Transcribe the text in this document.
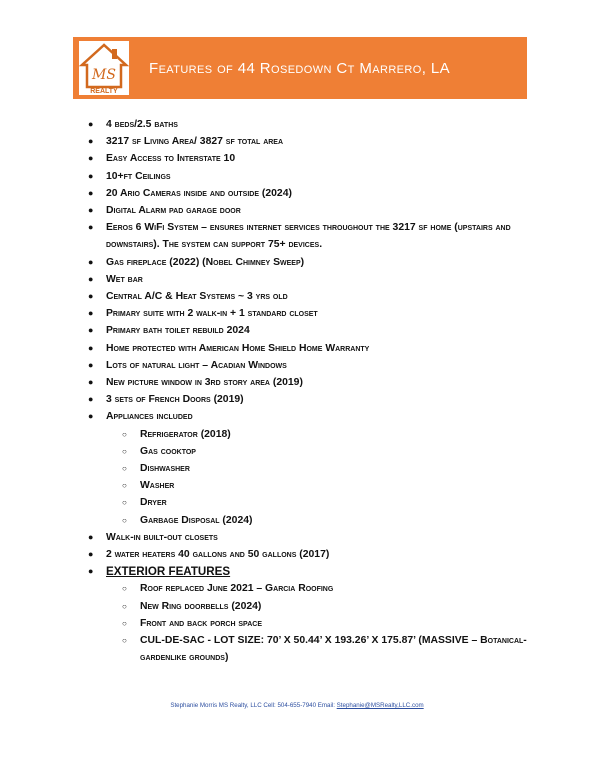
MS
REALTY
Features of 44 Rosedown Ct Marrero, LA
●	4 beds/2.5 baths
●	3217 sf Living Area/ 3827 sf total area
●	Easy Access to Interstate 10
●	10+ft Ceilings
●	20 Ario Cameras inside and outside (2024)
●	Digital Alarm pad garage door
●	Eeros 6 WiFi System – ensures internet services throughout the 3217 sf home (upstairs and downstairs). The system can support 75+ devices.
●	Gas fireplace (2022) (Nobel Chimney Sweep)
●	Wet bar
●	Central A/C & Heat Systems ~ 3 yrs old
●	Primary suite with 2 walk-in + 1 standard closet
●	Primary bath toilet rebuild 2024
●	Home protected with American Home Shield Home Warranty
●	Lots of natural light – Acadian Windows
●	New picture window in 3rd story area (2019)
●	3 sets of French Doors (2019)
●	Appliances included
○	Refrigerator (2018)
○	Gas cooktop
○	Dishwasher
○	Washer
○	Dryer
○	Garbage Disposal (2024)
●	Walk-in built-out closets
●	2 water heaters 40 gallons and 50 gallons (2017)
●	EXTERIOR FEATURES
○	Roof replaced June 2021 – Garcia Roofing
○	New Ring doorbells (2024)
○	Front and back porch space
○	CUL-DE-SAC - LOT SIZE: 70’ X 50.44’ X 193.26’ X 175.87’ (MASSIVE – Botanical-gardenlike grounds)
Stephanie Morris MS Realty, LLC Cell: 504-655-7940 Email: Stephanie@MSRealty,LLC.com
